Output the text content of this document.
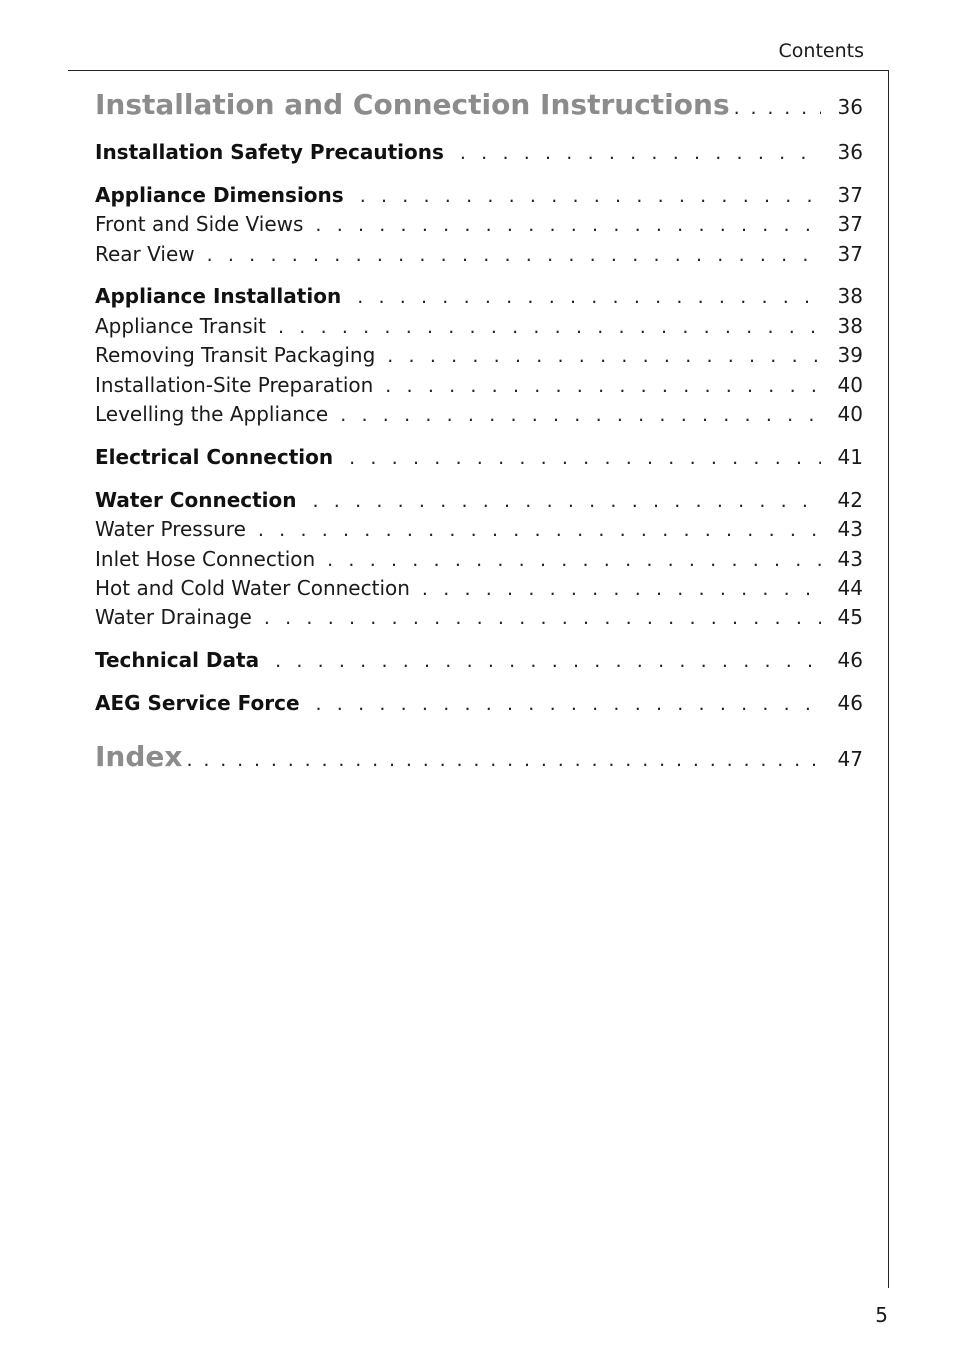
Contents
Installation and Connection Instructions . . .	36
Installation Safety Precautions . . .	36
Appliance Dimensions . . .	37
Front and Side Views . . .	37
Rear View . . .	37
Appliance Installation . . .	38
Appliance Transit . . .	38
Removing Transit Packaging . . .	39
Installation-Site Preparation . . .	40
Levelling the Appliance . . .	40
Electrical Connection . . .	41
Water Connection . . .	42
Water Pressure . . .	43
Inlet Hose Connection . . .	43
Hot and Cold Water Connection . . .	44
Water Drainage . . .	45
Technical Data . . .	46
AEG Service Force . . .	46
Index . . .	47
5
